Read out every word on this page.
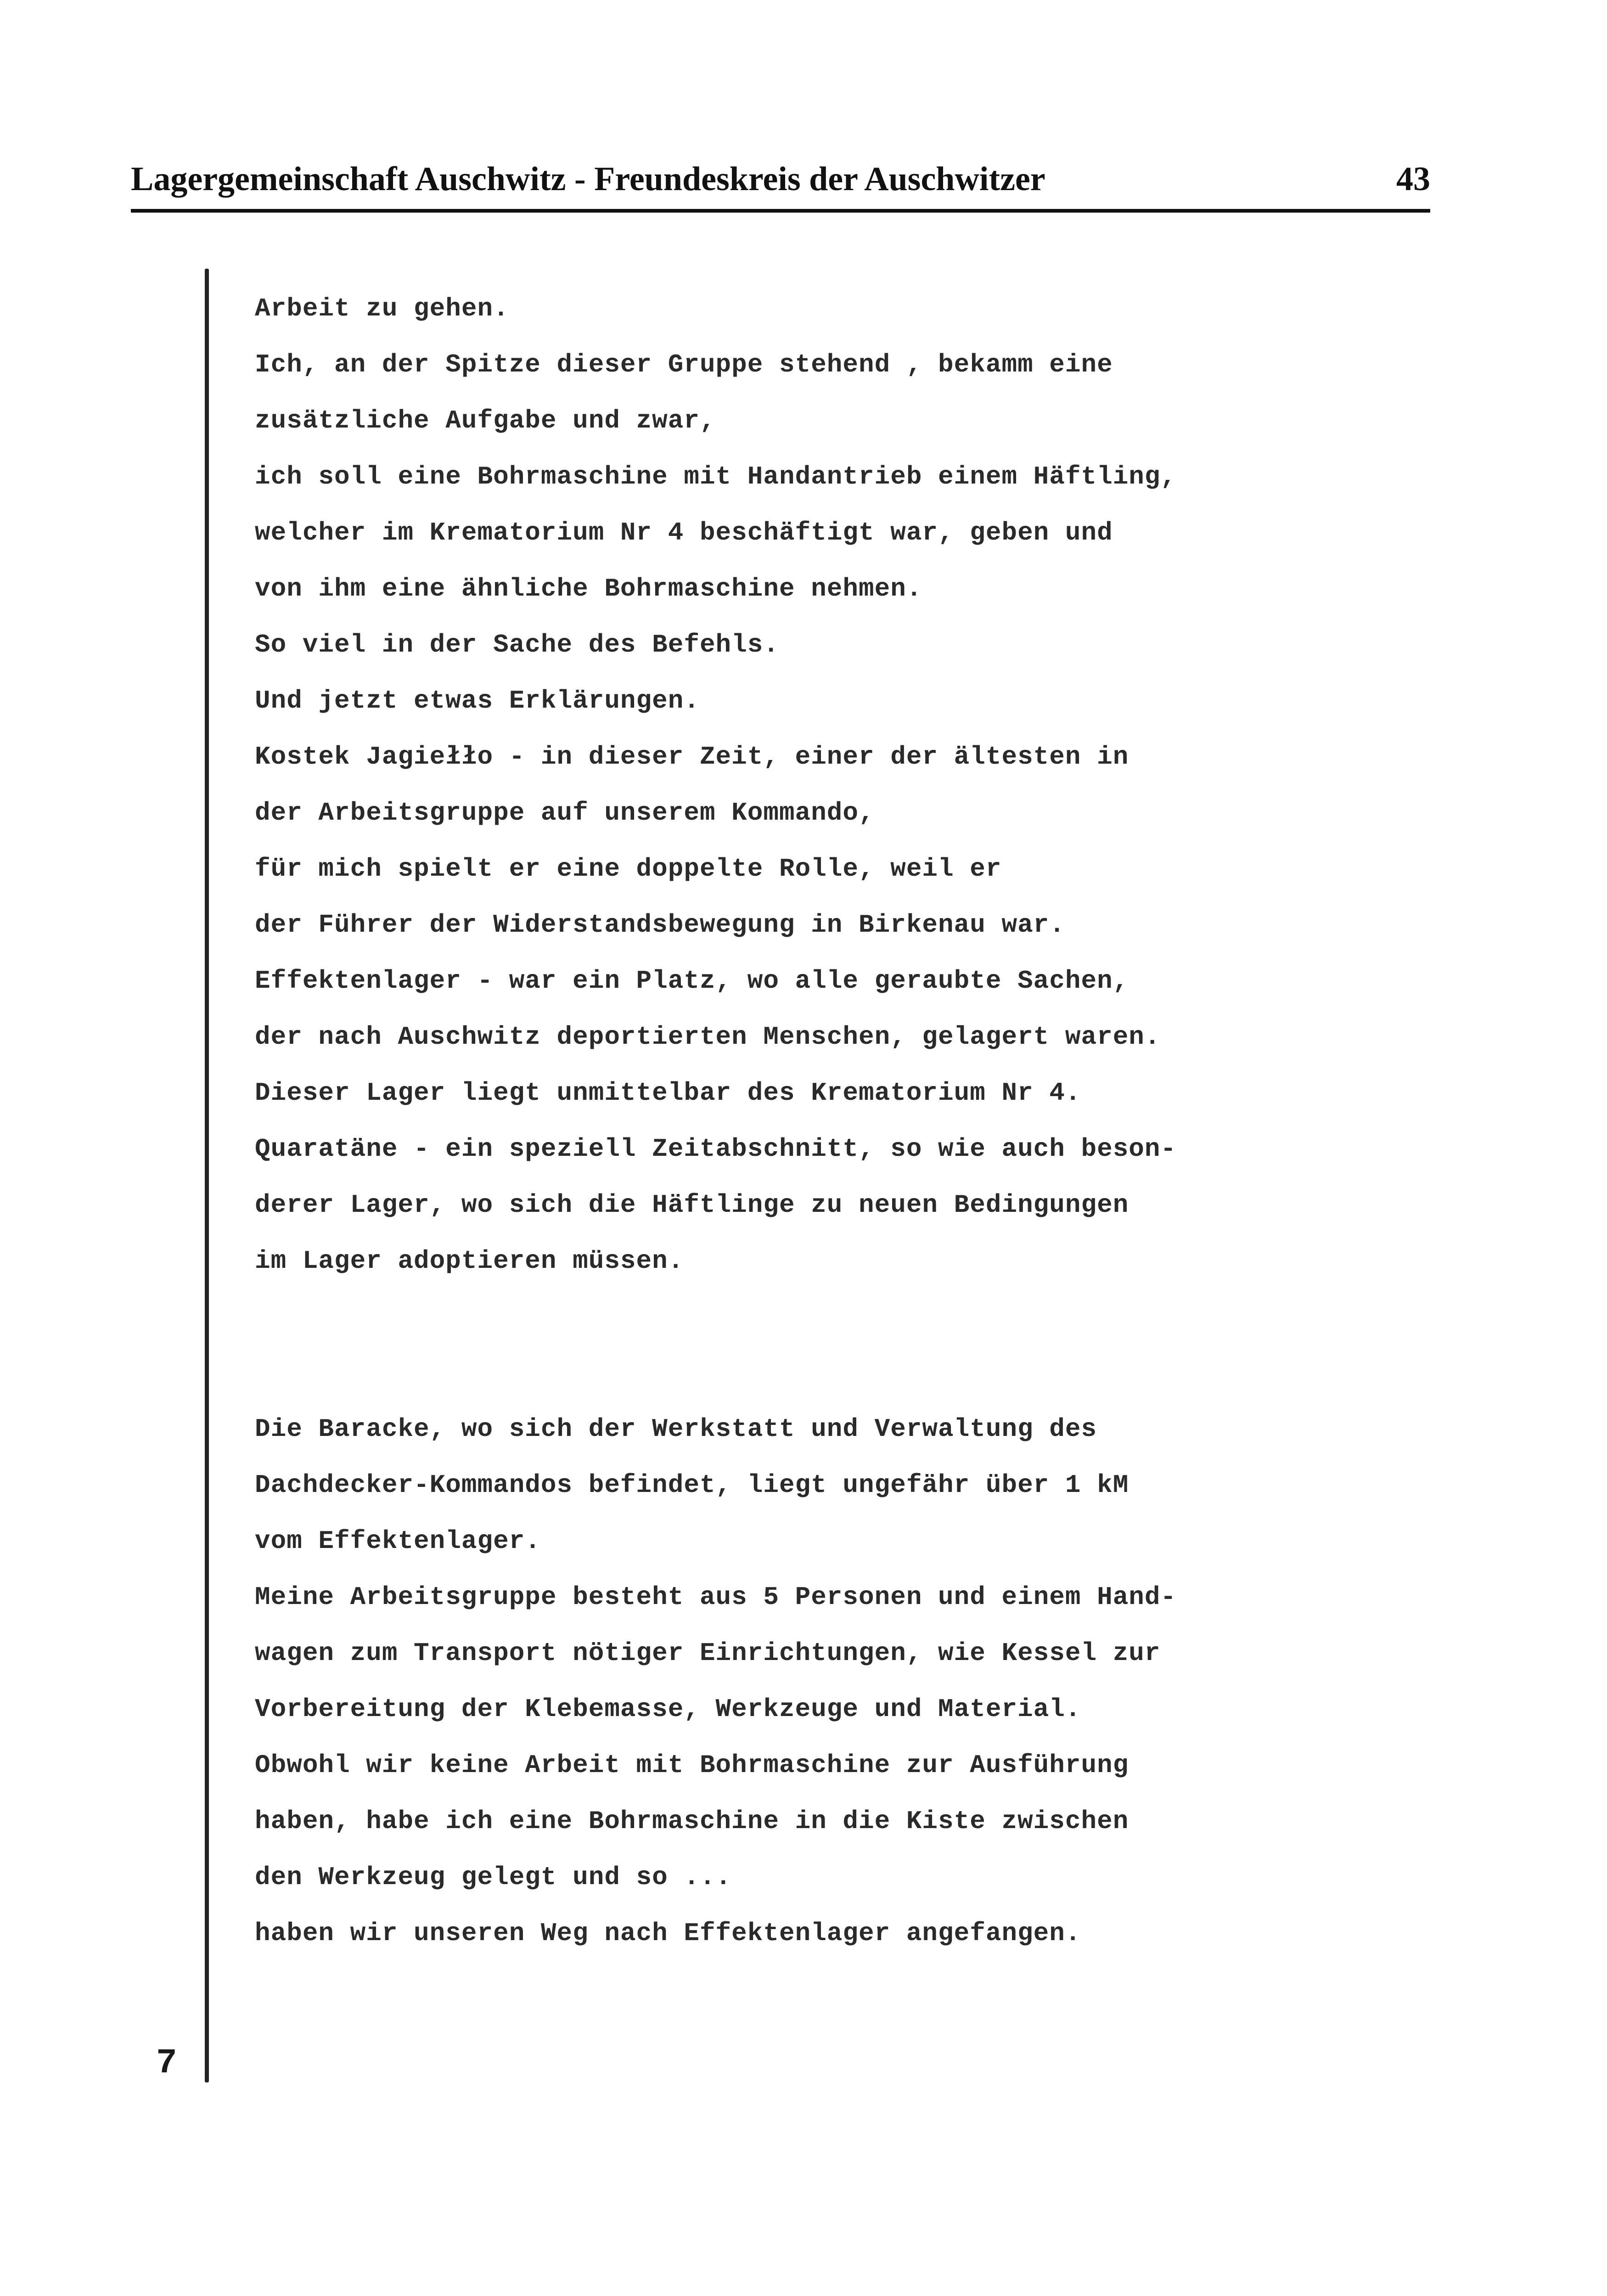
Lagergemeinschaft Auschwitz - Freundeskreis der Auschwitzer	43
Arbeit zu gehen.
Ich, an der Spitze dieser Gruppe stehend , bekamm eine
zusätzliche Aufgabe und zwar,
ich soll eine Bohrmaschine mit Handantrieb einem Häftling,
welcher im Krematorium Nr 4 beschäftigt war, geben und
von ihm eine ähnliche Bohrmaschine nehmen.
So viel in der Sache des Befehls.
Und jetzt etwas Erklärungen.
Kostek Jagiełło - in dieser Zeit, einer der ältesten in
der Arbeitsgruppe auf unserem Kommando,
für mich spielt er eine doppelte Rolle, weil er
der Führer der Widerstandsbewegung in Birkenau war.
Effektenlager - war ein Platz, wo alle geraubte Sachen,
der nach Auschwitz deportierten Menschen, gelagert waren.
Dieser Lager liegt unmittelbar des Krematorium Nr 4.
Quaratäne - ein speziell Zeitabschnitt, so wie auch beson-
derer Lager, wo sich die Häftlinge zu neuen Bedingungen
im Lager adoptieren müssen.
Die Baracke, wo sich der Werkstatt und Verwaltung des
Dachdecker-Kommandos befindet, liegt ungefähr über 1 kM
vom Effektenlager.
Meine Arbeitsgruppe besteht aus 5 Personen und einem Hand-
wagen zum Transport nötiger Einrichtungen, wie Kessel zur
Vorbereitung der Klebemasse, Werkzeuge und Material.
Obwohl wir keine Arbeit mit Bohrmaschine zur Ausführung
haben, habe ich eine Bohrmaschine in die Kiste zwischen
den Werkzeug gelegt und so ...
haben wir unseren Weg nach Effektenlager angefangen.
7
